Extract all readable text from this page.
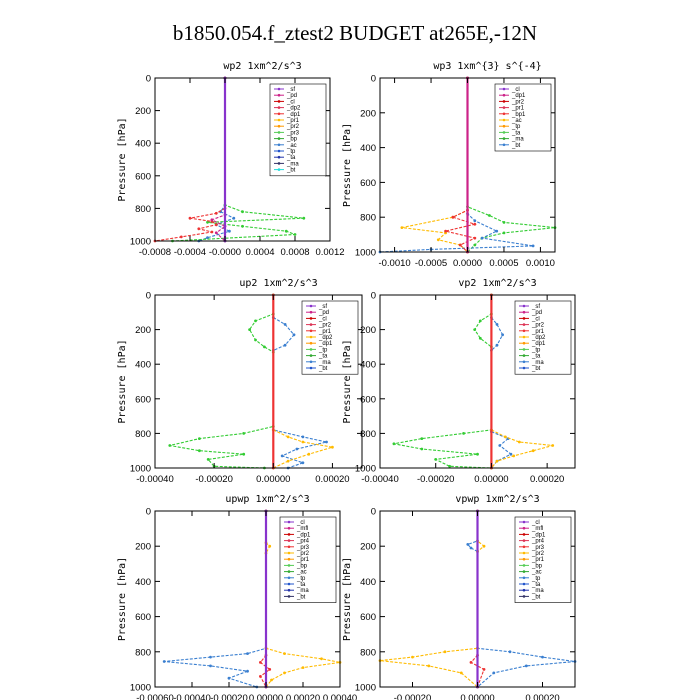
b1850.054.f_ztest2 BUDGET at265E,-12N
wp2 1xm^2/s^3
Pressure [hPa]
0
200
400
600
800
1000
-0.0008 -0.0004 -0.0000 0.0004 0.0008 0.0012
_sf
_pd
_cl
_dp2
_dp1
_pr1
_pr2
_pr3
_bp
_ac
_tp
_ta
_ma
_bt
wp3 1xm^{3} s^{-4}
Pressure [hPa]
0
200
400
600
800
1000
-0.0010 -0.0005 0.0000 0.0005 0.0010
_cl
_dp1
_pr2
_pr1
_bp1
_ac
_tp
_ta
_ma
_bt
up2 1xm^2/s^3
Pressure [hPa]
0
200
400
600
800
1000
-0.00040 -0.00020 0.00000	0.00020
_sf
_pd
_cl
_pr2
_pr1
_dp2
_dp1
_tp
_ta
_ma
_bt
vp2 1xm^2/s^3
Pressure [hPa]
0
200
400
600
800
1000
-0.00040 -0.00020 0.00000 0.00020
_sf
_pd
_cl
_pr2
_pr1
_dp2
_dp1
_tp
_ta
_ma
_bt
upwp 1xm^2/s^3
Pressure [hPa]
0
200
400
600
800
1000
-0.00060 -0.00040 -0.00020 0.00000 0.00020 0.00040
_cl
_mfl
_dp1
_pr4
_pr3
_pr2
_pr1
_bp
_ac
_tp
_ta
_ma
_bt
vpwp 1xm^2/s^3
Pressure [hPa]
0
200
400
600
800
1000
-0.00020	0.00000	0.00020
_cl
_mfl
_dp1
_pr4
_pr3
_pr2
_pr1
_bp
_ac
_tp
_ta
_ma
_bt
